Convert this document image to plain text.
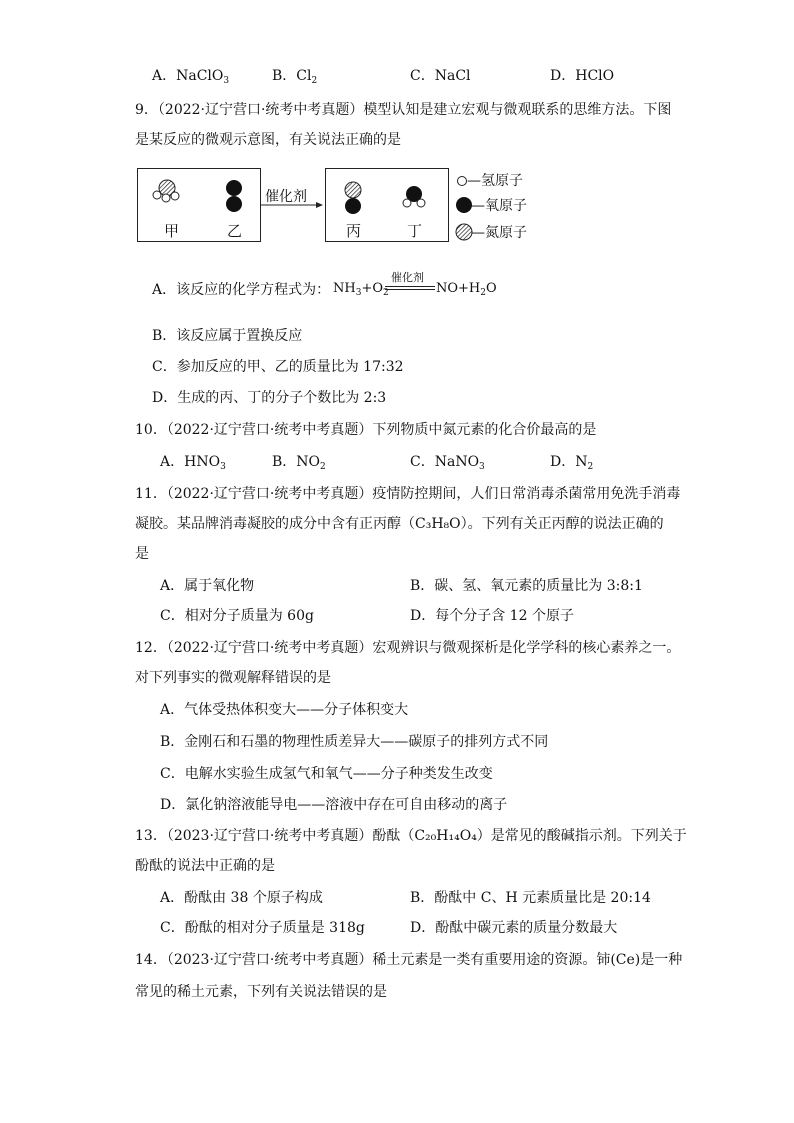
A．NaClO$_3$	B．$Cl_2$	C．NaCl	D．HClO
9．（2022·辽宁营口·统考中考真题）模型认知是建立宏观与微观联系的思维方法。下图
是某反应的微观示意图，有关说法正确的是
甲	乙	丙	丁
催化剂
—氢原子
—氧原子
—氮原子
A．该反应的化学方程式为： $NH_3+O_2$
催化剂
$NO+H_2O$
B．该反应属于置换反应
C．参加反应的甲、乙的质量比为 17:32
D．生成的丙、丁的分子个数比为 2:3
10．（2022·辽宁营口·统考中考真题）下列物质中氮元素的化合价最高的是
A．$HNO_3$	B．$NO_2$	C．NaNO$_3$	D．$N_2$
11．（2022·辽宁营口·统考中考真题）疫情防控期间，人们日常消毒杀菌常用免洗手消毒
凝胶。某品牌消毒凝胶的成分中含有正丙醇（C₃H₈O）。下列有关正丙醇的说法正确的
是
A．属于氧化物	B．碳、氢、氧元素的质量比为 3:8:1
C．相对分子质量为 60g	D．每个分子含 12 个原子
12．（2022·辽宁营口·统考中考真题）宏观辨识与微观探析是化学学科的核心素养之一。
对下列事实的微观解释错误的是
A．气体受热体积变大——分子体积变大
B．金刚石和石墨的物理性质差异大——碳原子的排列方式不同
C．电解水实验生成氢气和氧气——分子种类发生改变
D．氯化钠溶液能导电——溶液中存在可自由移动的离子
13．（2023·辽宁营口·统考中考真题）酚酞（C₂₀H₁₄O₄）是常见的酸碱指示剂。下列关于
酚酞的说法中正确的是
A．酚酞由 38 个原子构成	B．酚酞中 C、H 元素质量比是 20:14
C．酚酞的相对分子质量是 318g	D．酚酞中碳元素的质量分数最大
14．（2023·辽宁营口·统考中考真题）稀土元素是一类有重要用途的资源。铈(Ce)是一种
常见的稀土元素，下列有关说法错误的是
